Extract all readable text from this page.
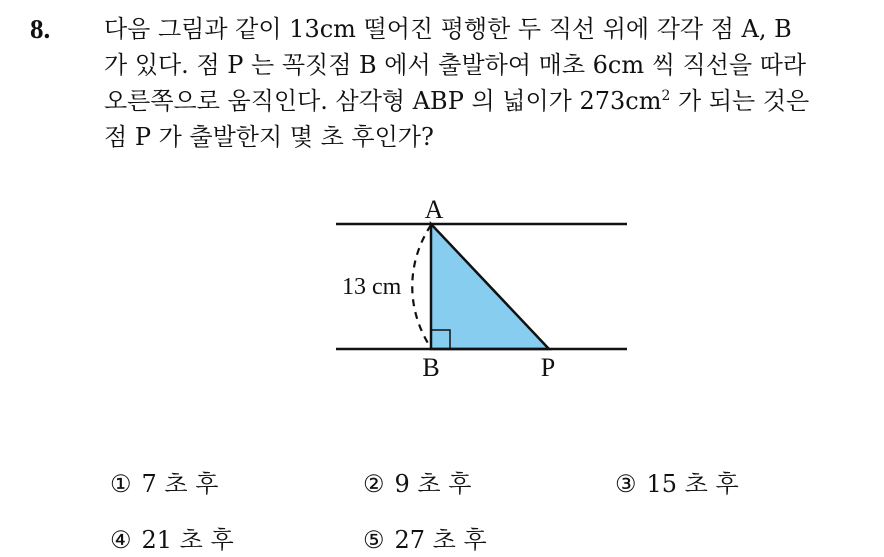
8. 다음 그림과 같이 13cm 떨어진 평행한 두 직선 위에 각각 점 A, B
가 있다. 점 P 는 꼭짓점 B 에서 출발하여 매초 6cm 씩 직선을 따라
오른쪽으로 움직인다. 삼각형 ABP 의 넓이가 $273cm^2$ 가 되는 것은
점 P 가 출발한지 몇 초 후인가?
A
B	P
13 cm
① 7 초 후	② 9 초 후	③ 15 초 후
④ 21 초 후	⑤ 27 초 후
